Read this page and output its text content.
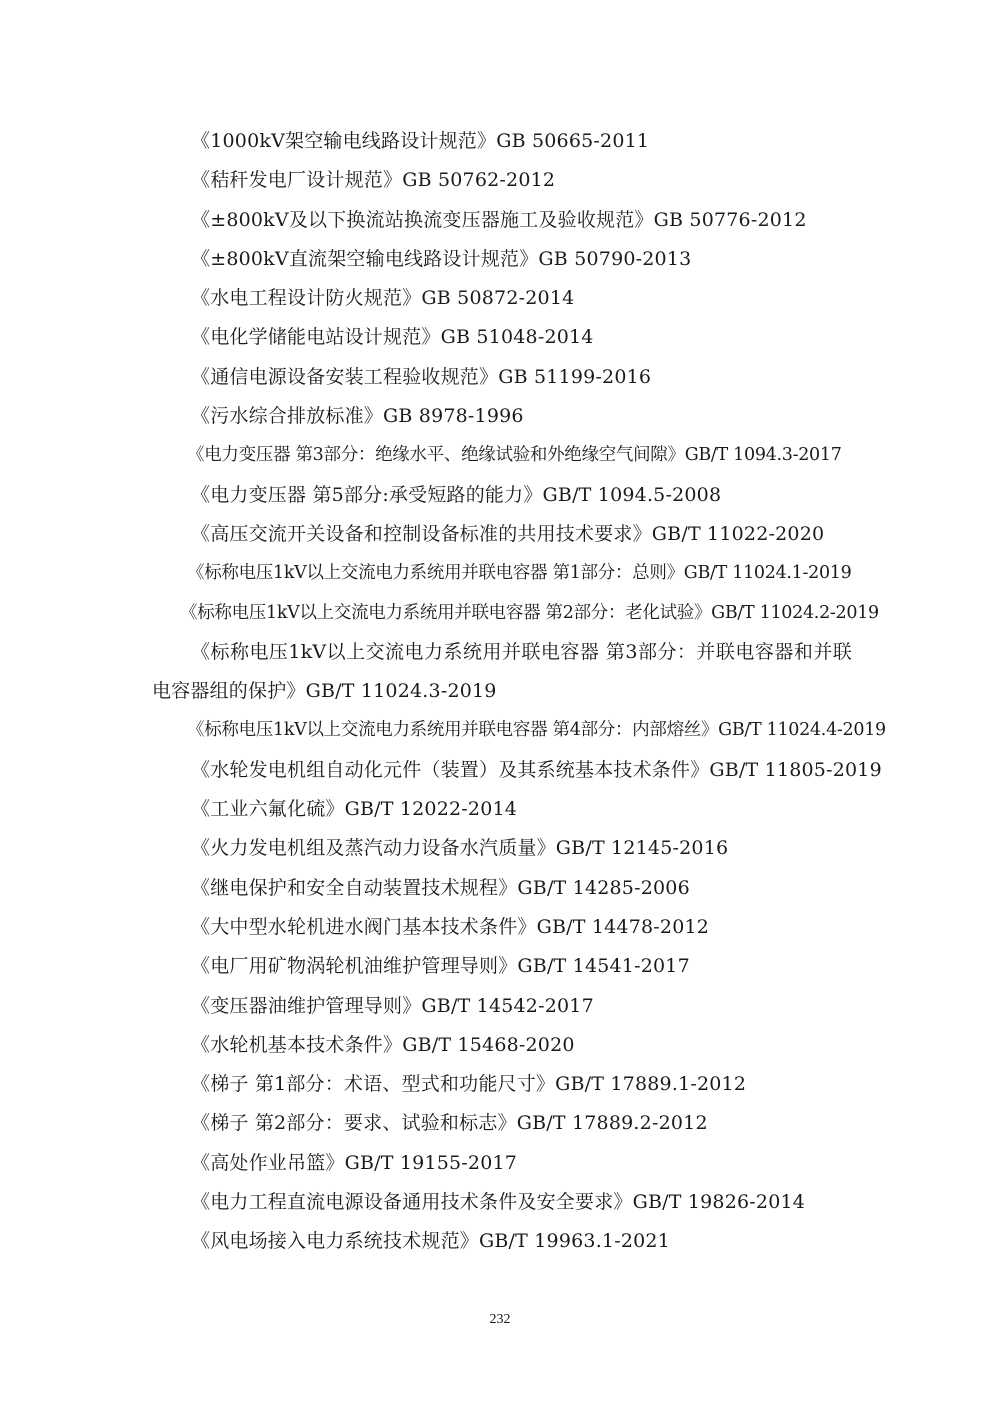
《1000kV架空输电线路设计规范》GB 50665-2011
《秸秆发电厂设计规范》GB 50762-2012
《±800kV及以下换流站换流变压器施工及验收规范》GB 50776-2012
《±800kV直流架空输电线路设计规范》GB 50790-2013
《水电工程设计防火规范》GB 50872-2014
《电化学储能电站设计规范》GB 51048-2014
《通信电源设备安装工程验收规范》GB 51199-2016
《污水综合排放标准》GB 8978-1996
《电力变压器 第3部分：绝缘水平、绝缘试验和外绝缘空气间隙》GB/T 1094.3-2017
《电力变压器 第5部分:承受短路的能力》GB/T 1094.5-2008
《高压交流开关设备和控制设备标准的共用技术要求》GB/T 11022-2020
《标称电压1kV以上交流电力系统用并联电容器 第1部分：总则》GB/T 11024.1-2019
《标称电压1kV以上交流电力系统用并联电容器 第2部分：老化试验》GB/T 11024.2-2019
《标称电压1kV以上交流电力系统用并联电容器 第3部分：并联电容器和并联电容器组的保护》GB/T 11024.3-2019
《标称电压1kV以上交流电力系统用并联电容器 第4部分：内部熔丝》GB/T 11024.4-2019
《水轮发电机组自动化元件（装置）及其系统基本技术条件》GB/T 11805-2019
《工业六氟化硫》GB/T 12022-2014
《火力发电机组及蒸汽动力设备水汽质量》GB/T 12145-2016
《继电保护和安全自动装置技术规程》GB/T 14285-2006
《大中型水轮机进水阀门基本技术条件》GB/T 14478-2012
《电厂用矿物涡轮机油维护管理导则》GB/T 14541-2017
《变压器油维护管理导则》GB/T 14542-2017
《水轮机基本技术条件》GB/T 15468-2020
《梯子 第1部分：术语、型式和功能尺寸》GB/T 17889.1-2012
《梯子 第2部分：要求、试验和标志》GB/T 17889.2-2012
《高处作业吊篮》GB/T 19155-2017
《电力工程直流电源设备通用技术条件及安全要求》GB/T 19826-2014
《风电场接入电力系统技术规范》GB/T 19963.1-2021
232
